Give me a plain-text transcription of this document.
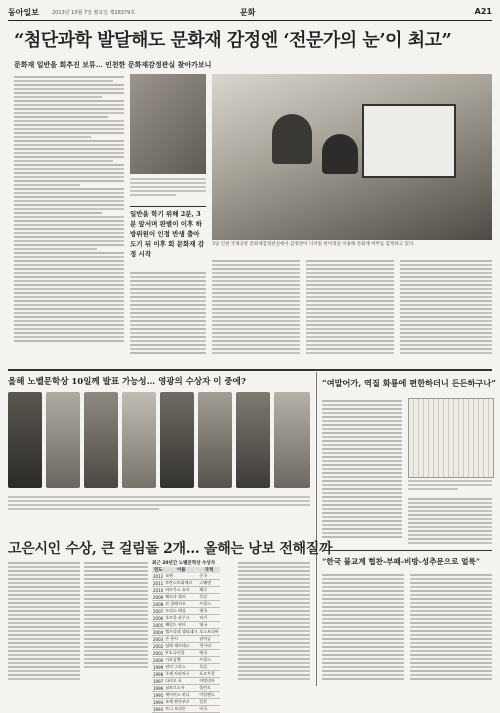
동아일보	2013년 10월 7일 월요일 제28379호	문화	A21
“첨단과학 발달해도 문화재 감정엔 ‘전문가의 눈’이 최고”
문화재 일반을 회추진 보류… 인천한 문화재감정관실 찾아가보니
3일 인천 국제공항 문화재감정관실에서 감정관이 디지털 현미경을 이용해 문화재 여부를 감정하고 있다.
일반을 학기 위해 2분, 3분 앞서며 판별이 이후 하방위원이 인정 반생 출아 도기 뒤 이후 회 문화재 감정 시작
올해 노벨문학상 10일께 발표 가능성… 영광의 수상자 이 중에?
고은시인 수상, 큰 걸림돌 2개… 올해는 낭보 전해질까
최근 20년간 노벨문학상 수상자
연도	이름	국적
2012	모옌	중국
2011	트란스트뢰메르	스웨덴
2010	바르가스 요사	페루
2009	헤르타 뮐러	독일
2008	르 클레지오	프랑스
2007	도리스 레싱	영국
2006	오르한 파무크	터키
2005	해럴드 핀터	영국
2004	엘프리데 옐리네크	오스트리아
2003	존 쿳시	남아공
2002	임레 케르테스	헝가리
2001	V S 나이폴	영국
2000	가오싱젠	프랑스
1999	귄터 그라스	독일
1998	주제 사라마구	포르투갈
1997	다리오 포	이탈리아
1996	심보르스카	폴란드
1995	셰이머스 히니	아일랜드
1994	오에 겐자부로	일본
1993	토니 모리슨	미국
“여말어가, 역질 화룡에 편한하더니 든든하구나”
“한국 불교계 협찬-부패-비방-성추문으로 얼룩”
